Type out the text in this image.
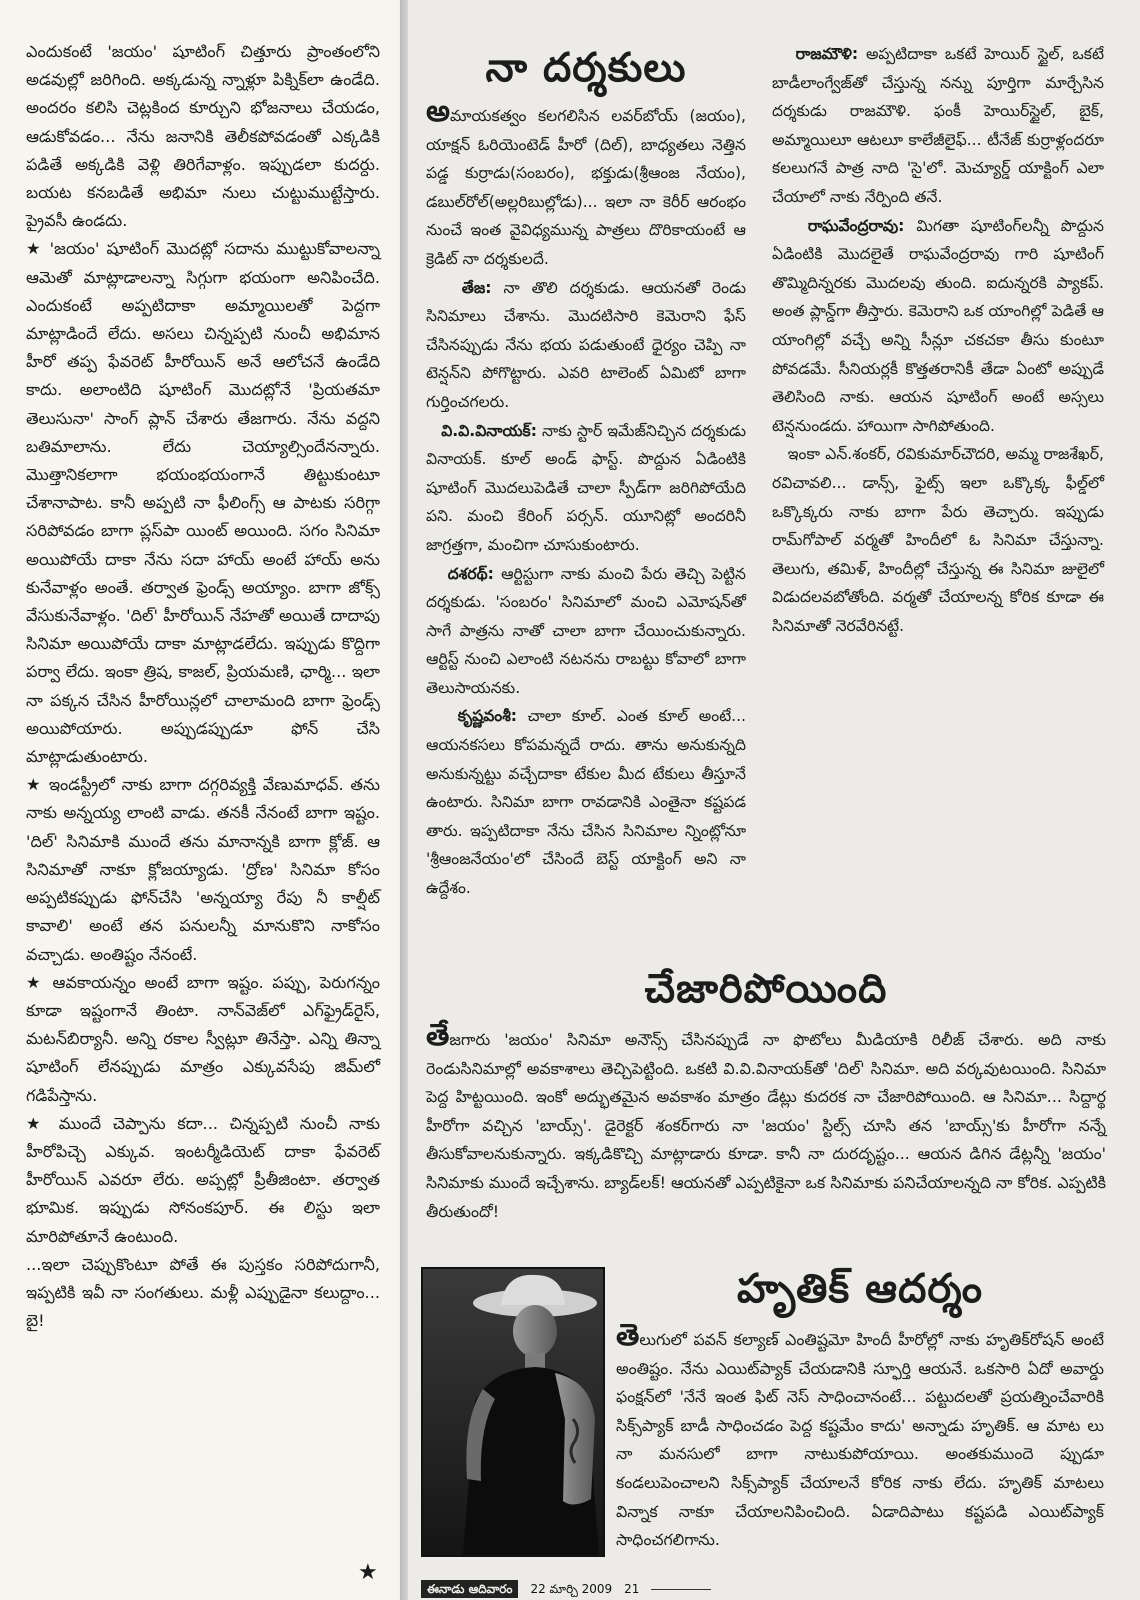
ఎందుకంటే 'జయం' షూటింగ్ చిత్తూరు ప్రాంతంలోని అడవుల్లో జరిగింది. అక్కడున్న న్నాళ్లూ పిక్నిక్‌లా ఉండేది. అందరం కలిసి చెట్లకింద కూర్చుని భోజనాలు చేయడం, ఆడుకోవడం... నేను జనానికి తెలీకపోవడంతో ఎక్కడికి పడితే అక్కడికి వెళ్లి తిరిగేవాళ్లం. ఇప్పుడలా కుదర్దు. బయట కనబడితే అభిమా నులు చుట్టుముట్టేస్తారు. ప్రైవసీ ఉండదు.

★ 'జయం' షూటింగ్ మొదట్లో సదాను ముట్టుకోవాలన్నా ఆమెతో మాట్లాడాలన్నా సిగ్గుగా భయంగా అనిపించేది. ఎందుకంటే అప్పటిదాకా అమ్మాయిలతో పెద్దగా మాట్లాడిందే లేదు. అసలు చిన్నప్పటి నుంచీ అభిమాన హీరో తప్ప ఫేవరెట్ హీరోయిన్ అనే ఆలోచనే ఉండేది కాదు. అలాంటిది షూటింగ్ మొదట్లోనే 'ప్రియతమా తెలుసునా' సాంగ్ ప్లాన్ చేశారు తేజగారు. నేను వద్దని బతిమాలాను. లేదు చెయ్యాల్సిందేనన్నారు. మొత్తానికలాగా భయంభయంగానే తిట్టుకుంటూ చేశానాపాట. కానీ అప్పటి నా ఫీలింగ్స్ ఆ పాటకు సరిగ్గా సరిపోవడం బాగా ప్లస్‌పా యింట్ అయింది. సగం సినిమా అయిపోయే దాకా నేను సదా హాయ్ అంటే హాయ్ అను కునేవాళ్లం అంతే. తర్వాత ఫ్రెండ్స్ అయ్యాం. బాగా జోక్స్ వేసుకునేవాళ్లం. 'దిల్' హీరోయిన్ నేహతో అయితే దాదాపు సినిమా అయిపోయే దాకా మాట్లాడలేదు. ఇప్పుడు కొద్దిగా పర్వా లేదు. ఇంకా త్రిష, కాజల్, ప్రియమణి, ఛార్మి... ఇలా నా పక్కన చేసిన హీరోయిన్లలో చాలామంది బాగా ఫ్రెండ్స్ అయిపోయారు. అప్పుడప్పుడూ ఫోన్ చేసి మాట్లాడుతుంటారు.

★ ఇండస్ట్రీలో నాకు బాగా దగ్గరివ్యక్తి వేణుమాధవ్. తను నాకు అన్నయ్య లాంటి వాడు. తనకీ నేనంటే బాగా ఇష్టం. 'దిల్' సినిమాకి ముందే తను మానాన్నకి బాగా క్లోజ్. ఆ సినిమాతో నాకూ క్లోజయ్యాడు. 'ద్రోణ' సినిమా కోసం అప్పటికప్పుడు ఫోన్‌చేసి 'అన్నయ్యా రేపు నీ కాల్షీట్ కావాలి' అంటే తన పనులన్నీ మానుకొని నాకోసం వచ్చాడు. అంతిష్టం నేనంటే.

★ ఆవకాయన్నం అంటే బాగా ఇష్టం. పప్పు, పెరుగన్నం కూడా ఇష్టంగానే తింటా. నాన్‌వెజ్‌లో ఎగ్‌ఫ్రైడ్‌రైస్, మటన్‌బిర్యానీ. అన్ని రకాల స్వీట్లూ తినేస్తా. ఎన్ని తిన్నా షూటింగ్ లేనప్పుడు మాత్రం ఎక్కువసేపు జిమ్‌లో గడిపేస్తాను.

★ ముందే చెప్పాను కదా... చిన్నప్పటి నుంచీ నాకు హీరోపిచ్చె ఎక్కువ. ఇంటర్మీడియెట్ దాకా ఫేవరెట్ హీరోయిన్ ఎవరూ లేరు. అప్పట్లో ప్రీతీజింటా. తర్వాత భూమిక. ఇప్పుడు సోనంకపూర్. ఈ లిస్టు ఇలా మారిపోతూనే ఉంటుంది.

...ఇలా చెప్పుకొంటూ పోతే ఈ పుస్తకం సరిపోదుగానీ, ఇప్పటికి ఇవీ నా సంగతులు. మళ్లీ ఎప్పుడైనా కలుద్దాం... బై!

★
నా దర్శకులు

అమాయకత్వం కలగలిసిన లవర్‌బోయ్ (జయం), యాక్షన్ ఓరియెంటెడ్ హీరో (దిల్), బాధ్యతలు నెత్తిన పడ్డ కుర్రాడు(సంబరం), భక్తుడు(శ్రీఆంజ నేయం), డబుల్‌రోల్(అల్లరిబుల్లోడు)... ఇలా నా కెరీర్ ఆరంభం నుంచే ఇంత వైవిధ్యమున్న పాత్రలు దొరికాయంటే ఆ క్రెడిట్ నా దర్శకులదే.

తేజ: నా తొలి దర్శకుడు. ఆయనతో రెండు సినిమాలు చేశాను. మొదటిసారి కెమెరాని ఫేస్ చేసినప్పుడు నేను భయ పడుతుంటే ధైర్యం చెప్పి నా టెన్షన్‌ని పోగొట్టారు. ఎవరి టాలెంట్ ఏమిటో బాగా గుర్తించగలరు.

వి.వి.వినాయక్: నాకు స్టార్ ఇమేజ్‌నిచ్చిన దర్శకుడు వినాయక్. కూల్ అండ్ ఫాస్ట్. పొద్దున ఏడింటికి షూటింగ్ మొదలుపెడితే చాలా స్పీడ్‌గా జరిగిపోయేది పని. మంచి కేరింగ్ పర్సన్. యూనిట్లో అందరినీ జాగ్రత్తగా, మంచిగా చూసుకుంటారు.

దశరథ్: ఆర్టిస్టుగా నాకు మంచి పేరు తెచ్చి పెట్టిన దర్శకుడు. 'సంబరం' సినిమాలో మంచి ఎమోషన్‌తో సాగే పాత్రను నాతో చాలా బాగా చేయించుకున్నారు. ఆర్టిస్ట్ నుంచి ఎలాంటి నటనను రాబట్టు కోవాలో బాగా తెలుసాయనకు.

కృష్ణవంశీ: చాలా కూల్. ఎంత కూల్ అంటే... ఆయనకసలు కోపమన్నదే రాదు. తాను అనుకున్నది అనుకున్నట్టు వచ్చేదాకా టేకుల మీద టేకులు తీస్తూనే ఉంటారు. సినిమా బాగా రావడానికి ఎంతైనా కష్టపడ తారు. ఇప్పటిదాకా నేను చేసిన సినిమాల న్నింట్లోనూ 'శ్రీఆంజనేయం'లో చేసిందే బెస్ట్ యాక్టింగ్ అని నా ఉద్దేశం.

రాజమౌళి: అప్పటిదాకా ఒకటే హెయిర్ స్టైల్, ఒకటే బాడీలాంగ్వేజ్‌తో చేస్తున్న నన్ను పూర్తిగా మార్చేసిన దర్శకుడు రాజమౌళి. ఫంకీ హెయిర్‌స్టైల్, బైక్, అమ్మాయిలూ ఆటలూ కాలేజీలైఫ్... టీనేజ్ కుర్రాళ్లందరూ కలలుగనే పాత్ర నాది 'సై'లో. మెచ్యూర్డ్ యాక్టింగ్ ఎలా చేయాలో నాకు నేర్పింది తనే.

రాఘవేంద్రరావు: మిగతా షూటింగ్‌లన్నీ పొద్దున ఏడింటికి మొదలైతే రాఘవేంద్రరావు గారి షూటింగ్ తొమ్మిదిన్నరకు మొదలవు తుంది. ఐదున్నరకి ప్యాకప్. అంత ప్లాన్డ్‌గా తీస్తారు. కెమెరాని ఒక యాంగిల్లో పెడితే ఆ యాంగిల్లో వచ్చే అన్ని సీన్లూ చకచకా తీసు కుంటూ పోవడమే. సీనియర్లకీ కొత్తతరానికీ తేడా ఏంటో అప్పుడే తెలిసింది నాకు. ఆయన షూటింగ్ అంటే అస్సలు టెన్షనుండదు. హాయిగా సాగిపోతుంది.

ఇంకా ఎన్.శంకర్, రవికుమార్‌చౌదరి, అమ్మ రాజశేఖర్, రవిచావలి... డాన్స్, ఫైట్స్ ఇలా ఒక్కొక్క ఫీల్డ్‌లో ఒక్కొక్కరు నాకు బాగా పేరు తెచ్చారు. ఇప్పుడు రామ్‌గోపాల్ వర్మతో హిందీలో ఓ సినిమా చేస్తున్నా. తెలుగు, తమిళ్, హిందీల్లో చేస్తున్న ఈ సినిమా జులైలో విడుదలవబోతోంది. వర్మతో చేయాలన్న కోరిక కూడా ఈ సినిమాతో నెరవేరినట్టే.

చేజారిపోయింది

తేజగారు 'జయం' సినిమా అనౌన్స్ చేసినప్పుడే నా ఫొటోలు మీడియాకి రిలీజ్ చేశారు. అది నాకు రెండుసినిమాల్లో అవకాశాలు తెచ్చిపెట్టింది. ఒకటి వి.వి.వినాయక్‌తో 'దిల్' సినిమా. అది వర్కవుటయింది. సినిమా పెద్ద హిట్టయింది. ఇంకో అద్భుతమైన అవకాశం మాత్రం డేట్లు కుదరక నా చేజారిపోయింది. ఆ సినిమా... సిద్దార్థ హీరోగా వచ్చిన 'బాయ్స్'. డైరెక్టర్ శంకర్‌గారు నా 'జయం' స్టిల్స్ చూసి తన 'బాయ్స్'కు హీరోగా నన్నే తీసుకోవాలనుకున్నారు. ఇక్కడికొచ్చి మాట్లాడారు కూడా. కానీ నా దురదృష్టం... ఆయన డిగిన డేట్లన్నీ 'జయం' సినిమాకు ముందే ఇచ్చేశాను. బ్యాడ్‌లక్! ఆయనతో ఎప్పటికైనా ఒక సినిమాకు పనిచేయాలన్నది నా కోరిక. ఎప్పటికి తీరుతుందో!

హృతిక్ ఆదర్శం

తెలుగులో పవన్ కల్యాణ్ ఎంతిష్టమో హిందీ హీరోల్లో నాకు హృతిక్‌రోషన్ అంటే అంతిష్టం. నేను ఎయిట్‌ప్యాక్ చేయడానికి స్ఫూర్తి ఆయనే. ఒకసారి ఏదో అవార్డు ఫంక్షన్‌లో 'నేనే ఇంత ఫిట్ నెస్ సాధించానంటే... పట్టుదలతో ప్రయత్నించేవారికి సిక్స్‌ప్యాక్ బాడీ సాధించడం పెద్ద కష్టమేం కాదు' అన్నాడు హృతిక్. ఆ మాట లు నా మనసులో బాగా నాటుకుపోయాయి. అంతకుముందె ప్పుడూ కండలుపెంచాలని సిక్స్‌ప్యాక్ చేయాలనే కోరిక నాకు లేదు. హృతిక్ మాటలు విన్నాక నాకూ చేయాలనిపించింది. ఏడాదిపాటు కష్టపడి ఎయిట్‌ప్యాక్ సాధించగలిగాను.

ఈనాడు ఆదివారం	22 మార్చి 2009 21
